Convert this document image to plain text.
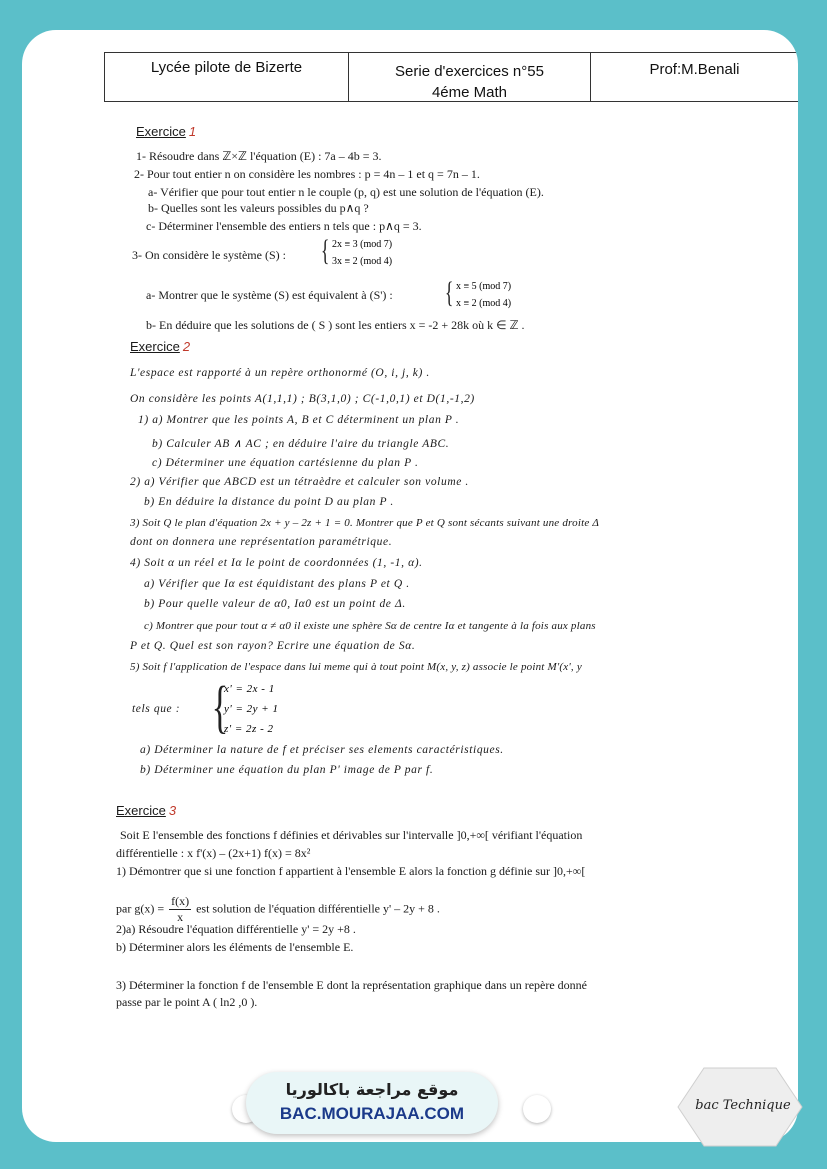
Lycée pilote de Bizerte	Serie d'exercices n°55
4éme Math
Prof:M.Benali
Exercice 1
1- Résoudre dans ℤ×ℤ l'équation (E) : 7a – 4b = 3.
2- Pour tout entier n on considère les nombres : p = 4n – 1 et q = 7n – 1.
a- Vérifier que pour tout entier n le couple (p, q) est une solution de l'équation (E).
b- Quelles sont les valeurs possibles du p∧q ?
c- Déterminer l'ensemble des entiers n tels que : p∧q = 3.
3- On considère le système (S) : { 2x ≡ 3 (mod 7)
3x ≡ 2 (mod 4)
a- Montrer que le système (S) est équivalent à (S') : { x ≡ 5 (mod 7)
x ≡ 2 (mod 4)
b- En déduire que les solutions de ( S ) sont les entiers x = -2 + 28k où k ∈ ℤ .
Exercice 2
L'espace est rapporté à un repère orthonormé (O, i, j, k) .
On considère les points A(1,1,1) ; B(3,1,0) ; C(-1,0,1) et D(1,-1,2)
1) a) Montrer que les points A, B et C déterminent un plan P .
b) Calculer AB ∧ AC ; en déduire l'aire du triangle ABC.
c) Déterminer une équation cartésienne du plan P .
2) a) Vérifier que ABCD est un tétraèdre et calculer son volume .
b) En déduire la distance du point D au plan P .
3) Soit Q le plan d'équation 2x + y – 2z + 1 = 0. Montrer que P et Q sont sécants suivant une droite Δ
dont on donnera une représentation paramétrique.
4) Soit α un réel et Iα le point de coordonnées (1, -1, α).
a) Vérifier que Iα est équidistant des plans P et Q .
b) Pour quelle valeur de α0, Iα0 est un point de Δ.
c) Montrer que pour tout α ≠ α0 il existe une sphère Sα de centre Iα et tangente à la fois aux plans
P et Q. Quel est son rayon? Ecrire une équation de Sα.
5) Soit f l'application de l'espace dans lui meme qui à tout point M(x, y, z) associe le point M'(x', y
tels que : {
x' = 2x - 1
y' = 2y + 1
z' = 2z - 2
a) Déterminer la nature de f et préciser ses elements caractéristiques.
b) Déterminer une équation du plan P' image de P par f.
Exercice 3
Soit E l'ensemble des fonctions f définies et dérivables sur l'intervalle ]0,+∞[ vérifiant l'équation
différentielle : x f'(x) – (2x+1) f(x) = 8x²
1) Démontrer que si une fonction f appartient à l'ensemble E alors la fonction g définie sur ]0,+∞[
par $g(x) = \frac{f(x)}{x}$ est solution de l'équation différentielle y' – 2y + 8 .
2)a) Résoudre l'équation différentielle y' = 2y +8 .
b) Déterminer alors les éléments de l'ensemble E.
3) Déterminer la fonction f de l'ensemble E dont la représentation graphique dans un repère donné
passe par le point A ( ln2 ,0 ).
موقع مراجعة باكالوريا
BAC.MOURAJAA.COM	bac Technique
